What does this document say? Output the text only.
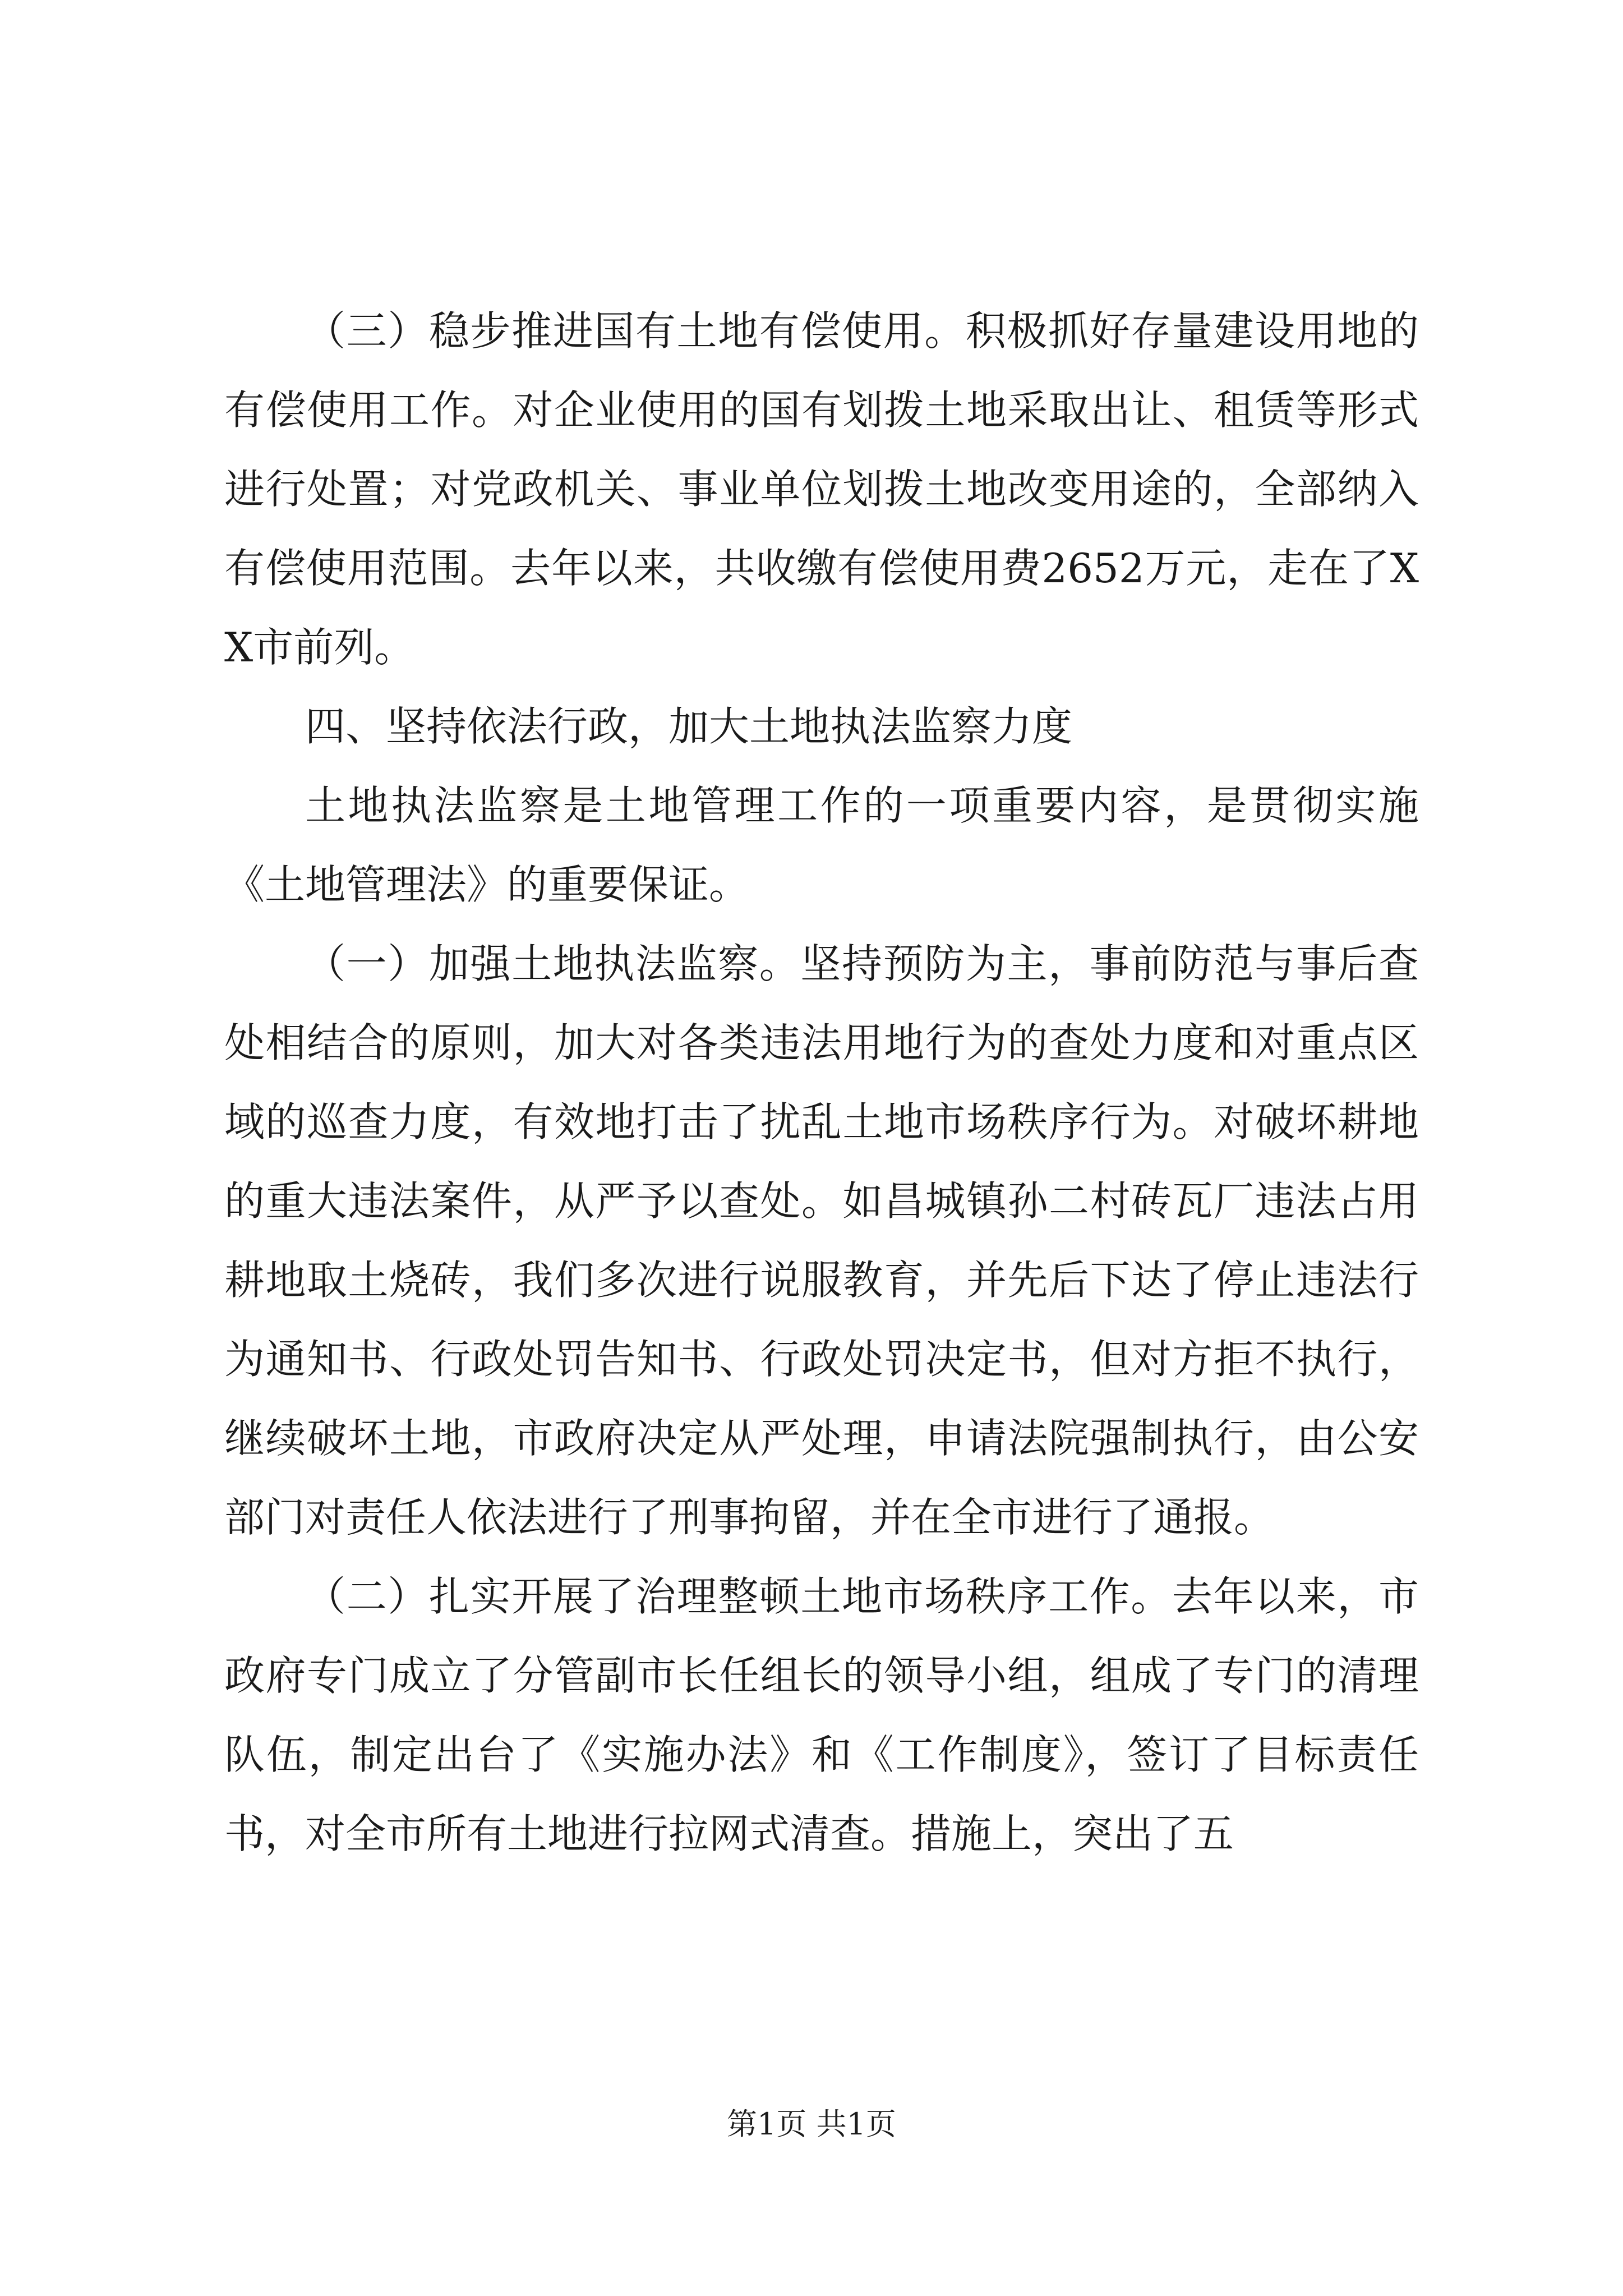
（三）稳步推进国有土地有偿使用。积极抓好存量建设用地的有偿使用工作。对企业使用的国有划拨土地采取出让、租赁等形式进行处置；对党政机关、事业单位划拨土地改变用途的，全部纳入有偿使用范围。去年以来，共收缴有偿使用费2652万元，走在了XX市前列。

四、坚持依法行政，加大土地执法监察力度

土地执法监察是土地管理工作的一项重要内容，是贯彻实施《土地管理法》的重要保证。

（一）加强土地执法监察。坚持预防为主，事前防范与事后查处相结合的原则，加大对各类违法用地行为的查处力度和对重点区域的巡查力度，有效地打击了扰乱土地市场秩序行为。对破坏耕地的重大违法案件，从严予以查处。如昌城镇孙二村砖瓦厂违法占用耕地取土烧砖，我们多次进行说服教育，并先后下达了停止违法行为通知书、行政处罚告知书、行政处罚决定书，但对方拒不执行，继续破坏土地，市政府决定从严处理，申请法院强制执行，由公安部门对责任人依法进行了刑事拘留，并在全市进行了通报。

（二）扎实开展了治理整顿土地市场秩序工作。去年以来，市政府专门成立了分管副市长任组长的领导小组，组成了专门的清理队伍，制定出台了《实施办法》和《工作制度》，签订了目标责任书，对全市所有土地进行拉网式清查。措施上，突出了五

第1页 共1页
